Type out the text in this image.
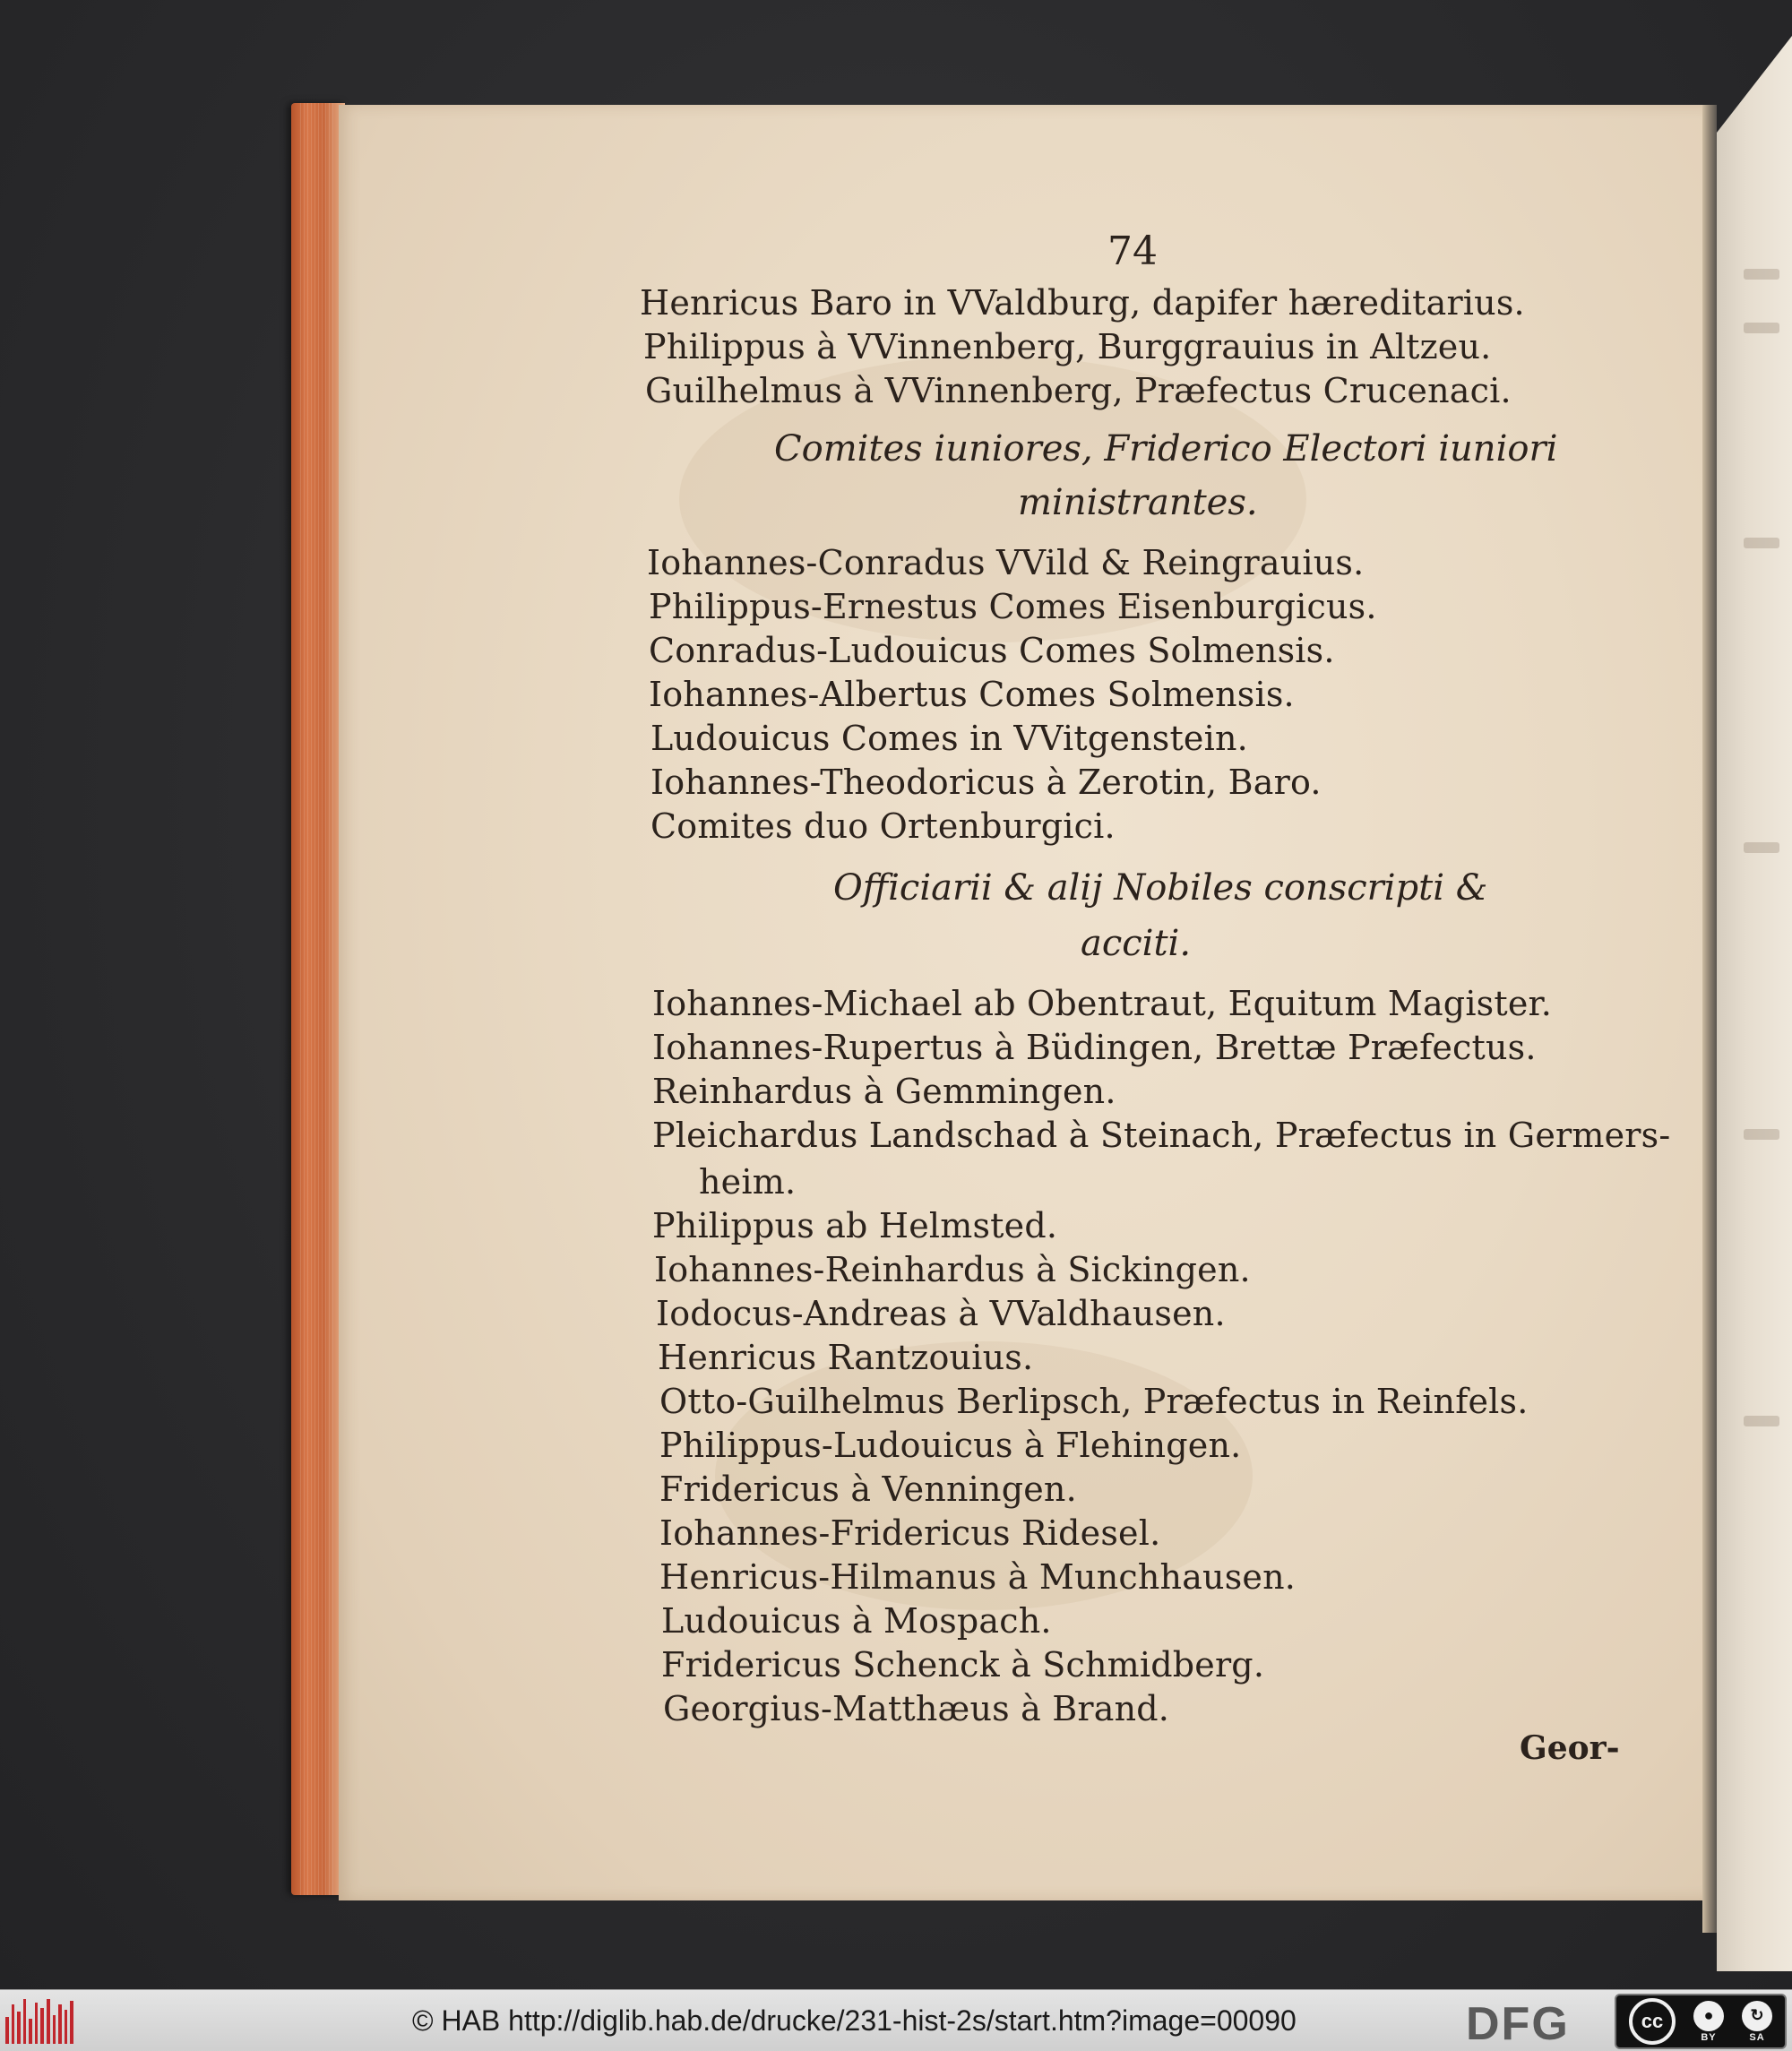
74
Henricus Baro in VValdburg, dapifer hæreditarius.
Philippus à VVinnenberg, Burggrauius in Altzeu.
Guilhelmus à VVinnenberg, Præfectus Crucenaci.
Comites iuniores, Friderico Electori iuniori
ministrantes.
Iohannes-Conradus VVild & Reingrauius.
Philippus-Ernestus Comes Eisenburgicus.
Conradus-Ludouicus Comes Solmensis.
Iohannes-Albertus Comes Solmensis.
Ludouicus Comes in VVitgenstein.
Iohannes-Theodoricus à Zerotin, Baro.
Comites duo Ortenburgici.
Officiarii & alij Nobiles conscripti &
acciti.
Iohannes-Michael ab Obentraut, Equitum Magister.
Iohannes-Rupertus à Büdingen, Brettæ Præfectus.
Reinhardus à Gemmingen.
Pleichardus Landschad à Steinach, Præfectus in Germers-
heim.
Philippus ab Helmsted.
Iohannes-Reinhardus à Sickingen.
Iodocus-Andreas à VValdhausen.
Henricus Rantzouius.
Otto-Guilhelmus Berlipsch, Præfectus in Reinfels.
Philippus-Ludouicus à Flehingen.
Fridericus à Venningen.
Iohannes-Fridericus Ridesel.
Henricus-Hilmanus à Munchhausen.
Ludouicus à Mospach.
Fridericus Schenck à Schmidberg.
Georgius-Matthæus à Brand.
Geor-
© HAB http://diglib.hab.de/drucke/231-hist-2s/start.htm?image=00090	DFG	cc	●
BY
↻
SA
